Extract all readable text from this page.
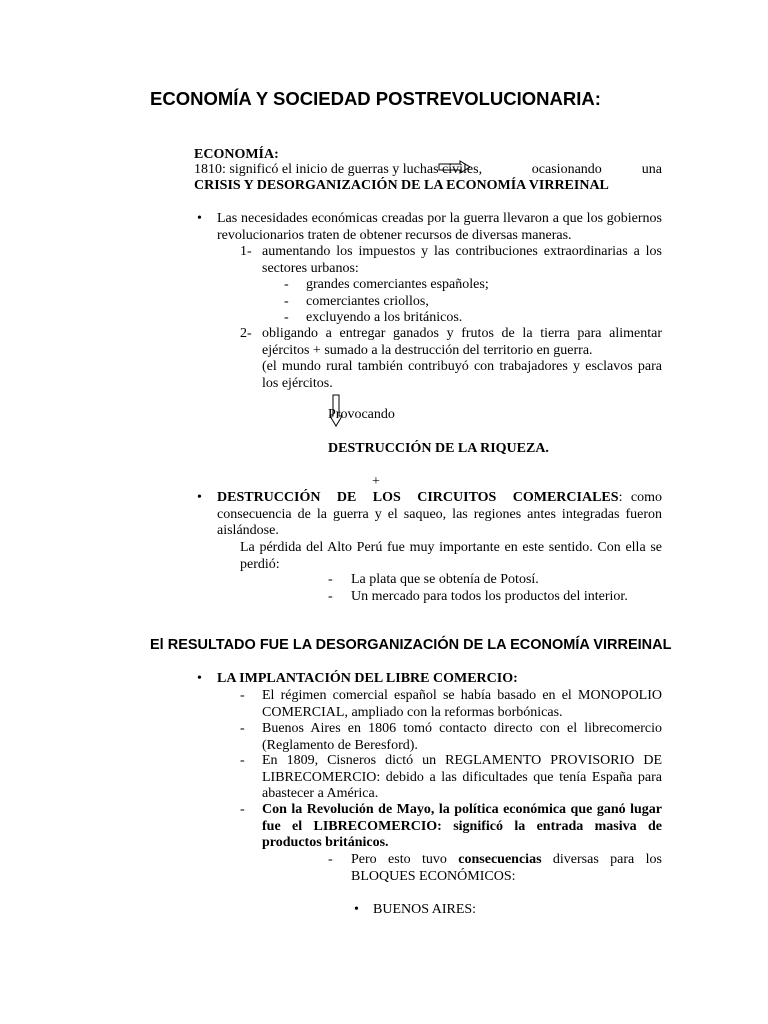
ECONOMÍA Y SOCIEDAD POSTREVOLUCIONARIA:
ECONOMÍA:
1810: significó el inicio de guerras y luchas civiles,	ocasionando	una
CRISIS Y DESORGANIZACIÓN DE LA ECONOMÍA VIRREINAL
• Las necesidades económicas creadas por la guerra llevaron a que los gobiernos revolucionarios traten de obtener recursos de diversas maneras.
1- aumentando los impuestos y las contribuciones extraordinarias a los sectores urbanos:
- grandes comerciantes españoles;
- comerciantes criollos,
- excluyendo a los británicos.
2- obligando a entregar ganados y frutos de la tierra para alimentar ejércitos + sumado a la destrucción del territorio en guerra.
(el mundo rural también contribuyó con trabajadores y esclavos para los ejércitos.
Provocando
DESTRUCCIÓN DE LA RIQUEZA.
+
• DESTRUCCIÓN DE LOS CIRCUITOS COMERCIALES: como consecuencia de la guerra y el saqueo, las regiones antes integradas fueron aislándose.
La pérdida del Alto Perú fue muy importante en este sentido. Con ella se perdió:
- La plata que se obtenía de Potosí.
- Un mercado para todos los productos del interior.
El RESULTADO FUE LA DESORGANIZACIÓN DE LA ECONOMÍA VIRREINAL
• LA IMPLANTACIÓN DEL LIBRE COMERCIO:
- El régimen comercial español se había basado en el MONOPOLIO COMERCIAL, ampliado con la reformas borbónicas.
- Buenos Aires en 1806 tomó contacto directo con el librecomercio (Reglamento de Beresford).
- En 1809, Cisneros dictó un REGLAMENTO PROVISORIO DE LIBRECOMERCIO: debido a las dificultades que tenía España para abastecer a América.
- Con la Revolución de Mayo, la política económica que ganó lugar fue el LIBRECOMERCIO: significó la entrada masiva de productos británicos.
- Pero esto tuvo consecuencias diversas para los BLOQUES ECONÓMICOS:
• BUENOS AIRES:
